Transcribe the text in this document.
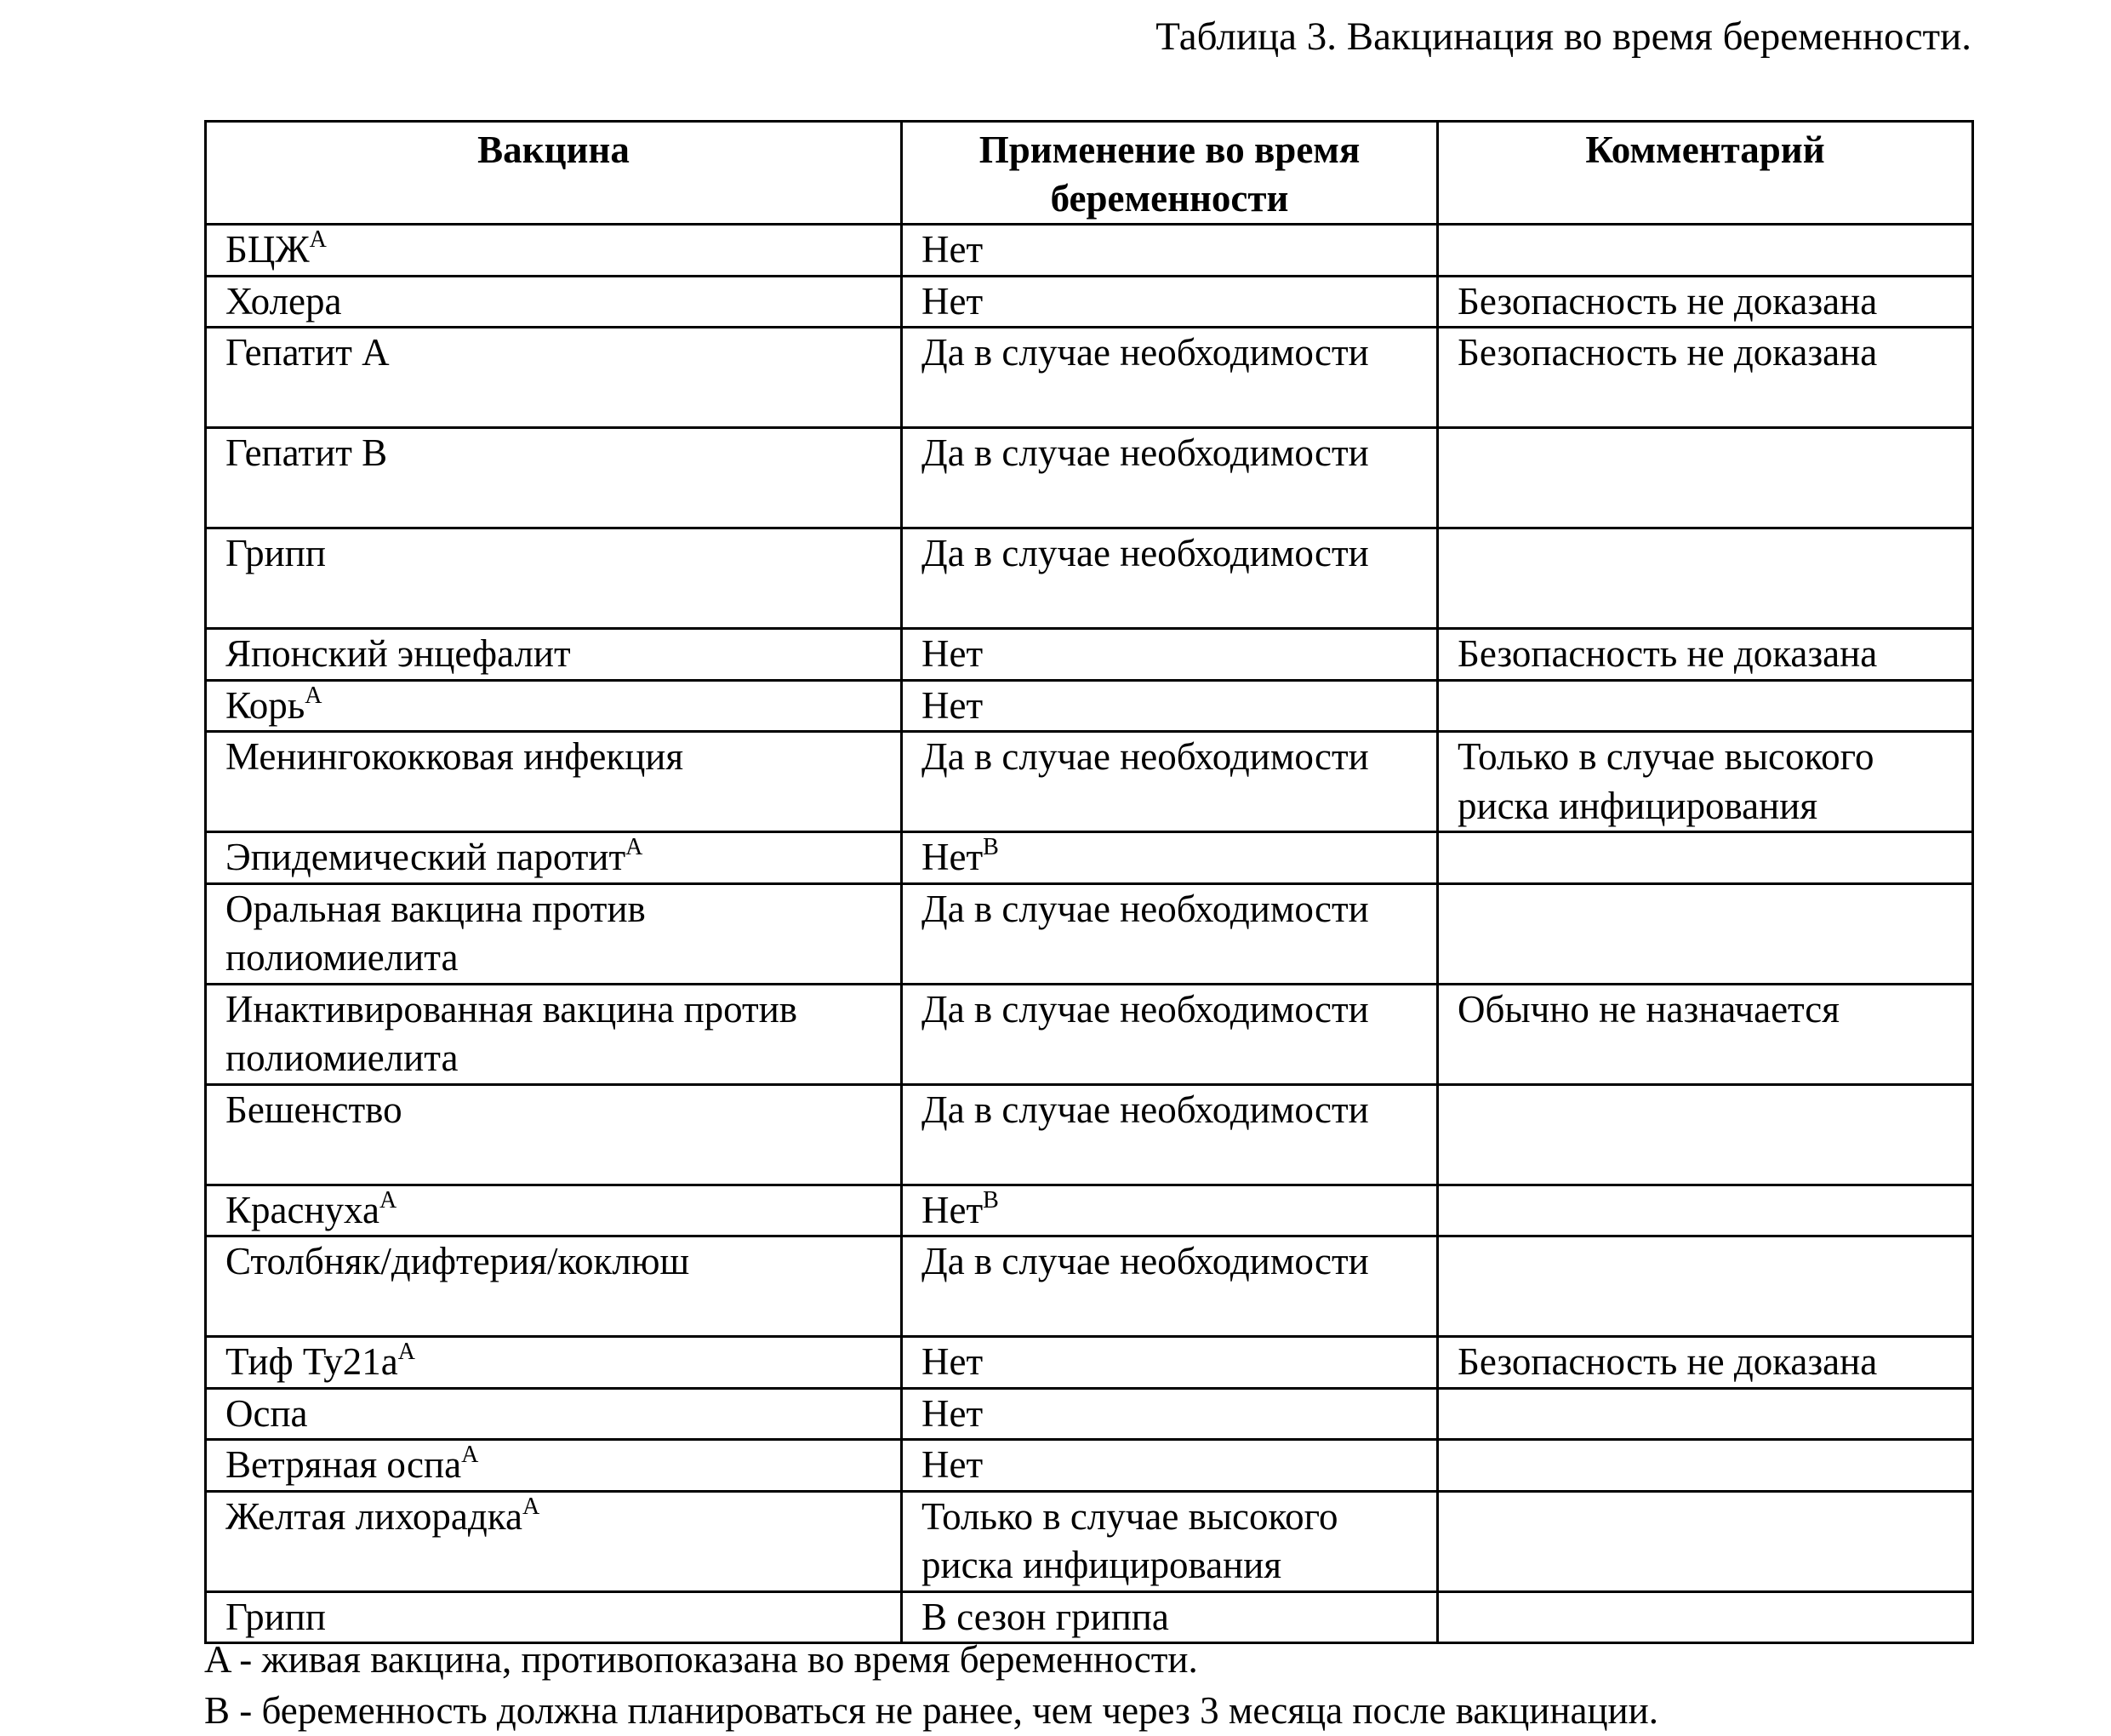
Таблица 3. Вакцинация во время беременности.
Вакцина	Применение во время беременности	Комментарий
$БЦЖ^A$	Нет	
Холера	Нет	Безопасность не доказана
Гепатит А	Да в случае необходимости	Безопасность не доказана
Гепатит В	Да в случае необходимости	
Грипп	Да в случае необходимости	
Японский энцефалит	Нет	Безопасность не доказана
Корь$^A$	Нет	
Менингококковая инфекция	Да в случае необходимости	Только в случае высокого риска инфицирования
Эпидемический паротит$^A$	Нет$^B$	
Оральная вакцина против полиомиелита	Да в случае необходимости	
Инактивированная вакцина против полиомиелита	Да в случае необходимости	Обычно не назначается
Бешенство	Да в случае необходимости	
Краснуха$^A$	Нет$^B$	
Столбняк/дифтерия/коклюш	Да в случае необходимости	
Тиф $Ty21a^A$	Нет	Безопасность не доказана
Оспа	Нет	
Ветряная оспа$^A$	Нет	
Желтая лихорадка$^A$	Только в случае высокого риска инфицирования	
Грипп	В сезон гриппа	
A - живая вакцина, противопоказана во время беременности.
B - беременность должна планироваться не ранее, чем через 3 месяца после вакцинации.
